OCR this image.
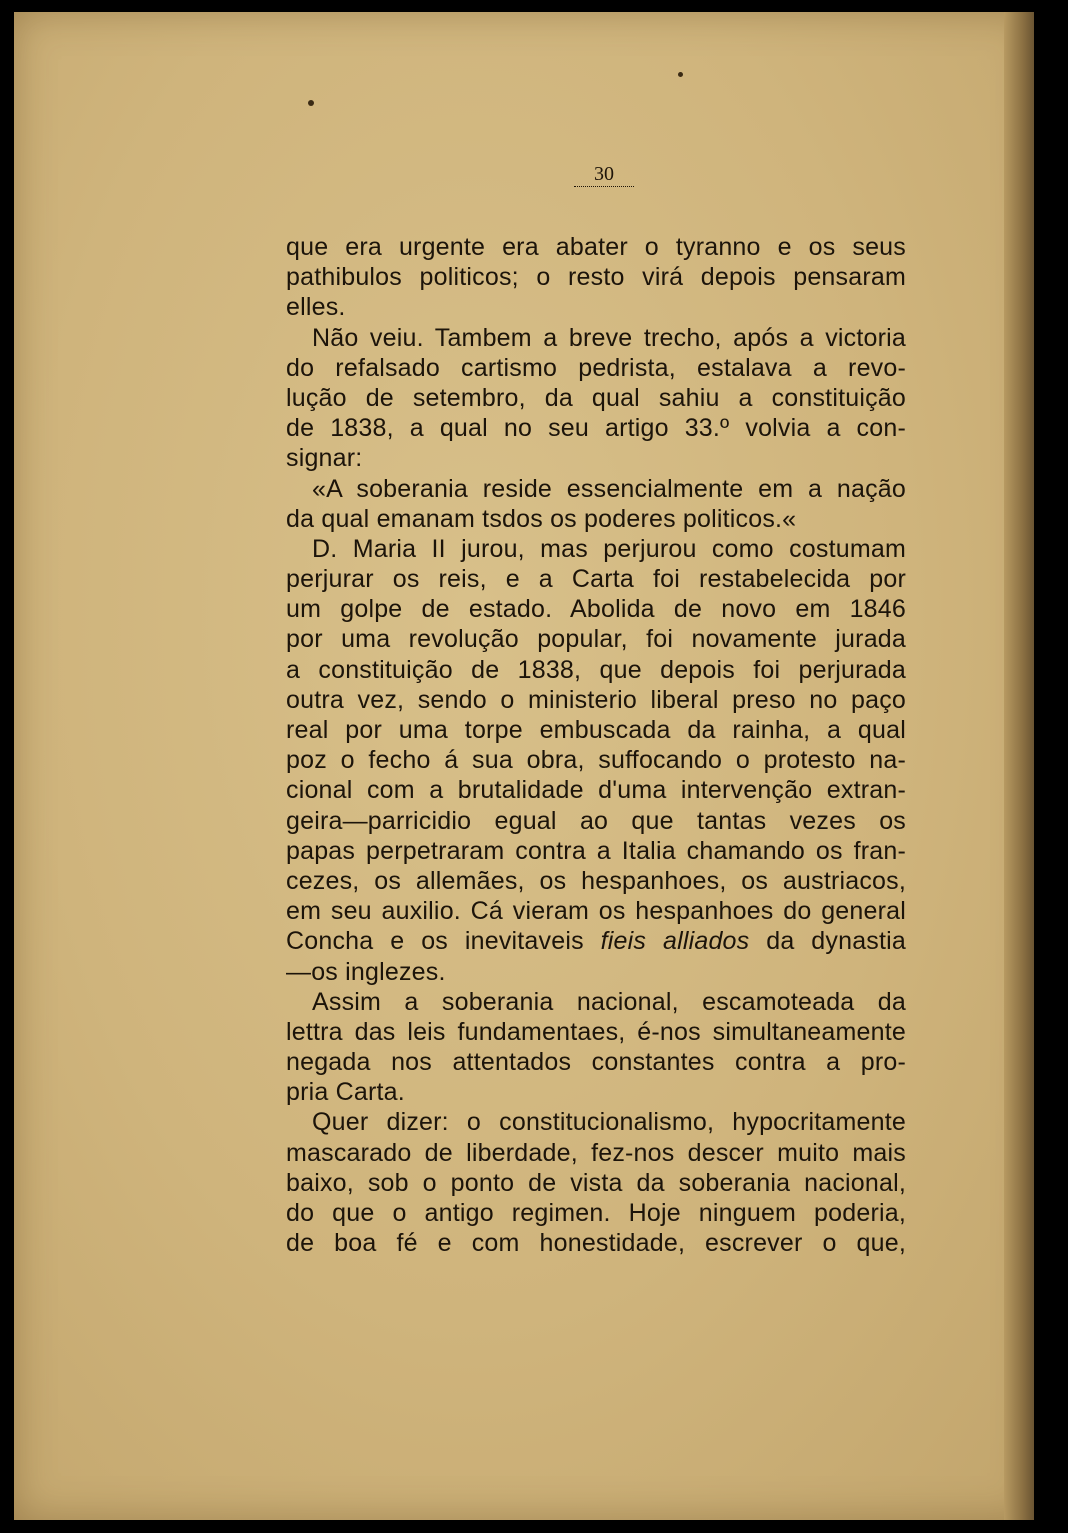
30
que era urgente era abater o tyranno e os seus
pathibulos politicos; o resto virá depois pensaram
elles.
Não veiu. Tambem a breve trecho, após a victoria
do refalsado cartismo pedrista, estalava a revo-
lução de setembro, da qual sahiu a constituição
de 1838, a qual no seu artigo 33.º volvia a con-
signar:
«A soberania reside essencialmente em a nação
da qual emanam tsdos os poderes politicos.«
D. Maria II jurou, mas perjurou como costumam
perjurar os reis, e a Carta foi restabelecida por
um golpe de estado. Abolida de novo em 1846
por uma revolução popular, foi novamente jurada
a constituição de 1838, que depois foi perjurada
outra vez, sendo o ministerio liberal preso no paço
real por uma torpe embuscada da rainha, a qual
poz o fecho á sua obra, suffocando o protesto na-
cional com a brutalidade d'uma intervenção extran-
geira—parricidio egual ao que tantas vezes os
papas perpetraram contra a Italia chamando os fran-
cezes, os allemães, os hespanhoes, os austriacos,
em seu auxilio. Cá vieram os hespanhoes do general
Concha e os inevitaveis fieis alliados da dynastia
—os inglezes.
Assim a soberania nacional, escamoteada da
lettra das leis fundamentaes, é-nos simultaneamente
negada nos attentados constantes contra a pro-
pria Carta.
Quer dizer: o constitucionalismo, hypocritamente
mascarado de liberdade, fez-nos descer muito mais
baixo, sob o ponto de vista da soberania nacional,
do que o antigo regimen. Hoje ninguem poderia,
de boa fé e com honestidade, escrever o que,
